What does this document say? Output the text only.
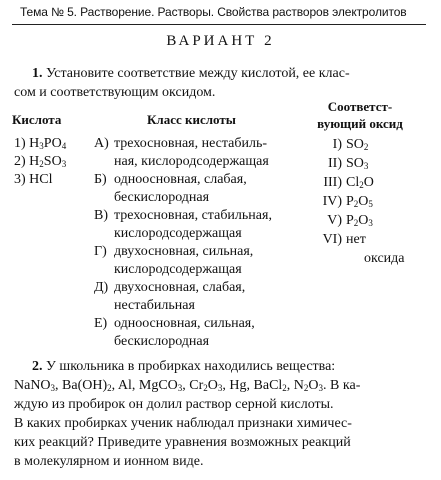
Тема № 5. Растворение. Растворы. Свойства растворов электролитов
ВАРИАНТ 2
1. Установите соответствие между кислотой, ее клас-
сом и соответствующим оксидом.
Кислота	Класс кислоты
Соответст-
вующий оксид
1) $H_3PO_4$
2) $H_2SO_3$
3) HCl
А) трехосновная, нестабиль-
ная, кислородсодержащая
Б) одноосновная, слабая,
бескислородная
В) трехосновная, стабильная,
кислородсодержащая
Г) двухосновная, сильная,
кислородсодержащая
Д) двухосновная, слабая,
нестабильная
Е) одноосновная, сильная,
бескислородная
I) $SO_2$
II) $SO_3$
III) $Cl_2O$
IV) $P_2O_5$
V) $P_2O_3$
VI) нет
оксида
2. У школьника в пробирках находились вещества:
NaNO$_3$, $Ba(OH)_2$, Al, MgCO$_3$, $Cr_2O_3$, Hg, BaCl$_2$, $N_2O_3$. В ка-
ждую из пробирок он долил раствор серной кислоты.
В каких пробирках ученик наблюдал признаки химичес-
ких реакций? Приведите уравнения возможных реакций
в молекулярном и ионном виде.
